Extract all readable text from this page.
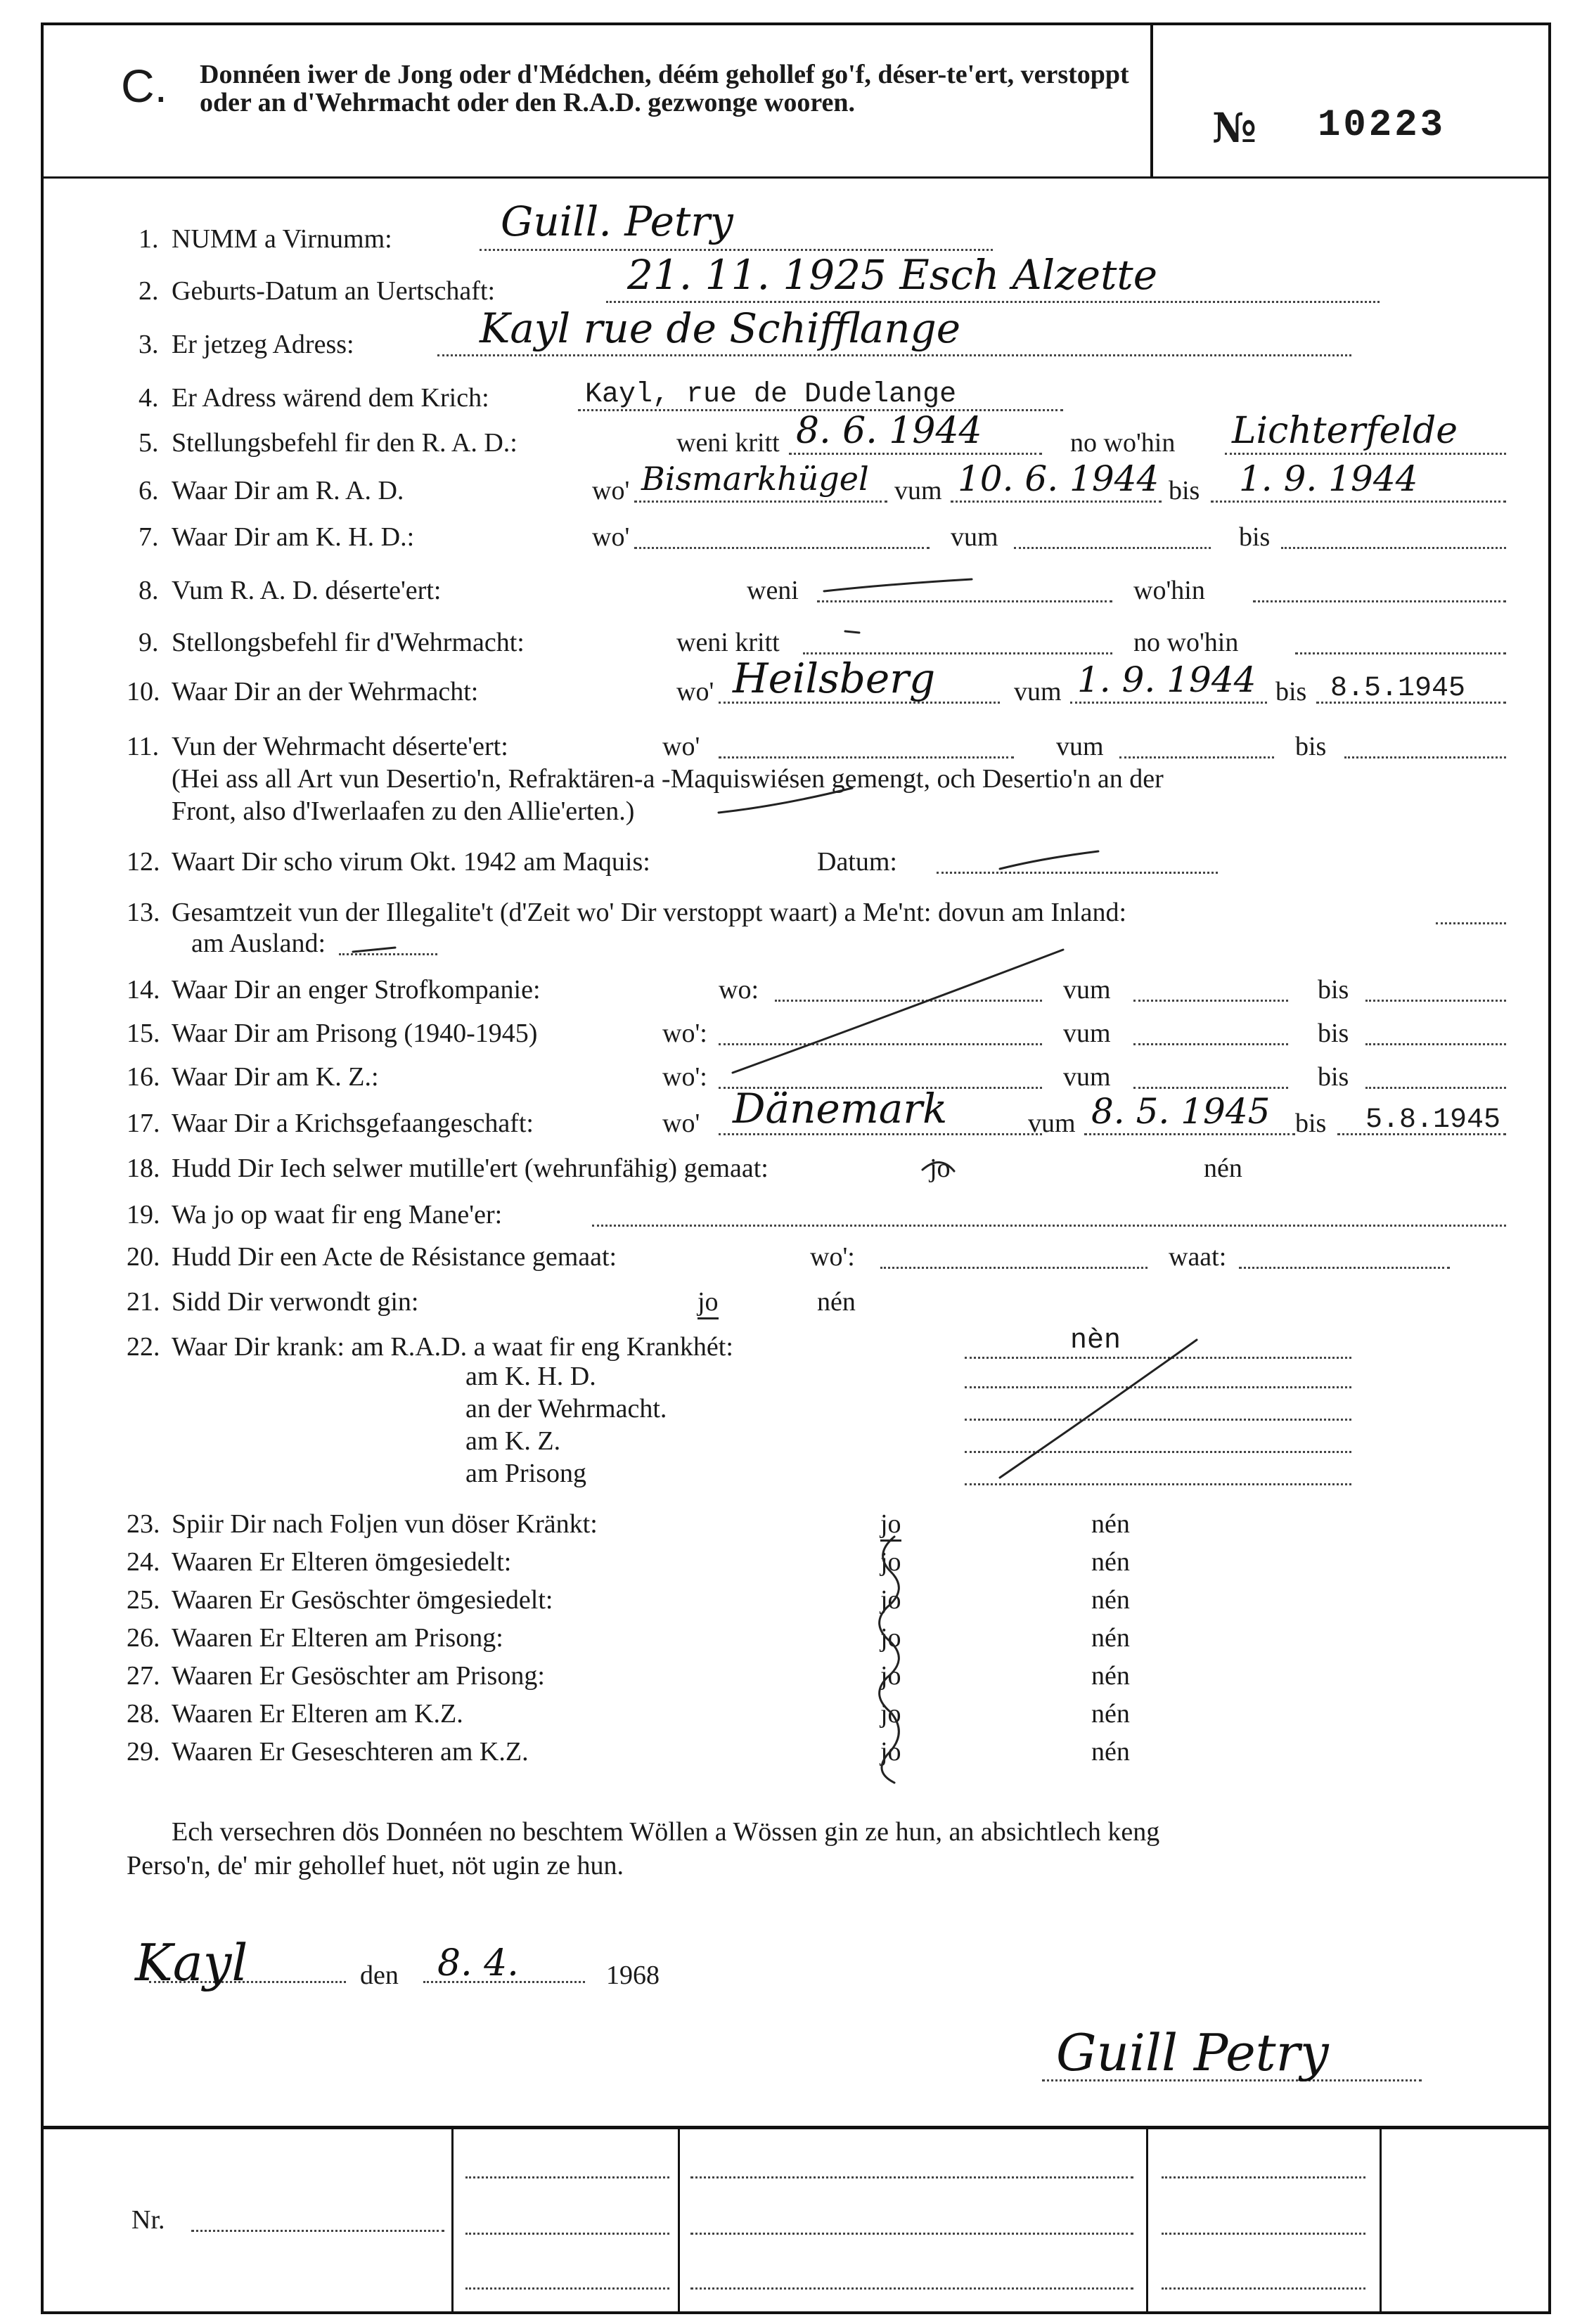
C. Donnéen iwer de Jong oder d'Médchen, déém gehollef go'f, déser-te'ert, verstoppt oder an d'Wehrmacht oder den R.A.D. gezwonge wooren.
№ 10223
1. NUMM a Virnumm:	Guill. Petry
2. Geburts-Datum an Uertschaft:	21. 11. 1925 Esch Alzette
3. Er jetzeg Adress:	Kayl rue de Schifflange
4. Er Adress wärend dem Krich:	Kayl, rue de Dudelange
5. Stellungsbefehl fir den R. A. D.:	weni kritt 8. 6. 1944	no wo'hin Lichterfelde
6. Waar Dir am R. A. D.	wo' Bismarkhügel vum 10. 6. 1944 bis 1. 9. 1944
7. Waar Dir am K. H. D.:	wo'	vum	bis
8. Vum R. A. D. déserte'ert:	weni	wo'hin
9. Stellongsbefehl fir d'Wehrmacht:	weni kritt	no wo'hin
10. Waar Dir an der Wehrmacht:	wo' Heilsberg	vum 1. 9. 1944 bis 8.5.1945
11. Vun der Wehrmacht déserte'ert:	wo'	vum	bis
(Hei ass all Art vun Desertio'n, Refraktären-a -Maquiswiésen gemengt, och Desertio'n an der
Front, also d'Iwerlaafen zu den Allie'erten.)
12. Waart Dir scho virum Okt. 1942 am Maquis:	Datum:
13. Gesamtzeit vun der Illegalite't (d'Zeit wo' Dir verstoppt waart) a Me'nt: dovun am Inland:
am Ausland:
14. Waar Dir an enger Strofkompanie:	wo:	vum	bis
15. Waar Dir am Prisong (1940-1945)	wo':	vum	bis
16. Waar Dir am K. Z.:	wo':	vum	bis
17. Waar Dir a Krichsgefaangeschaft:	wo' Dänemark	vum 8. 5. 1945 bis 5.8.1945
18. Hudd Dir Iech selwer mutille'ert (wehrunfähig) gemaat:	jo	nén
19. Wa jo op waat fir eng Mane'er:
20. Hudd Dir een Acte de Résistance gemaat:	wo':	waat:
21. Sidd Dir verwondt gin:	jo	nén
22. Waar Dir krank: am R.A.D. a waat fir eng Krankhét:	nèn
am K. H. D.
an der Wehrmacht.
am K. Z.
am Prisong
23. Spiir Dir nach Foljen vun döser Kränkt:	jo	nén
24. Waaren Er Elteren ömgesiedelt:	jo	nén
25. Waaren Er Gesöschter ömgesiedelt:	jo	nén
26. Waaren Er Elteren am Prisong:	jo	nén
27. Waaren Er Gesöschter am Prisong:	jo	nén
28. Waaren Er Elteren am K.Z.	jo	nén
29. Waaren Er Geseschteren am K.Z.	jo	nén
Ech versechren dös Donnéen no beschtem Wöllen a Wössen gin ze hun, an absichtlech keng
Perso'n, de' mir gehollef huet, nöt ugin ze hun.
Kayl	den 8. 4.	1968
Guill Petry
Nr.
